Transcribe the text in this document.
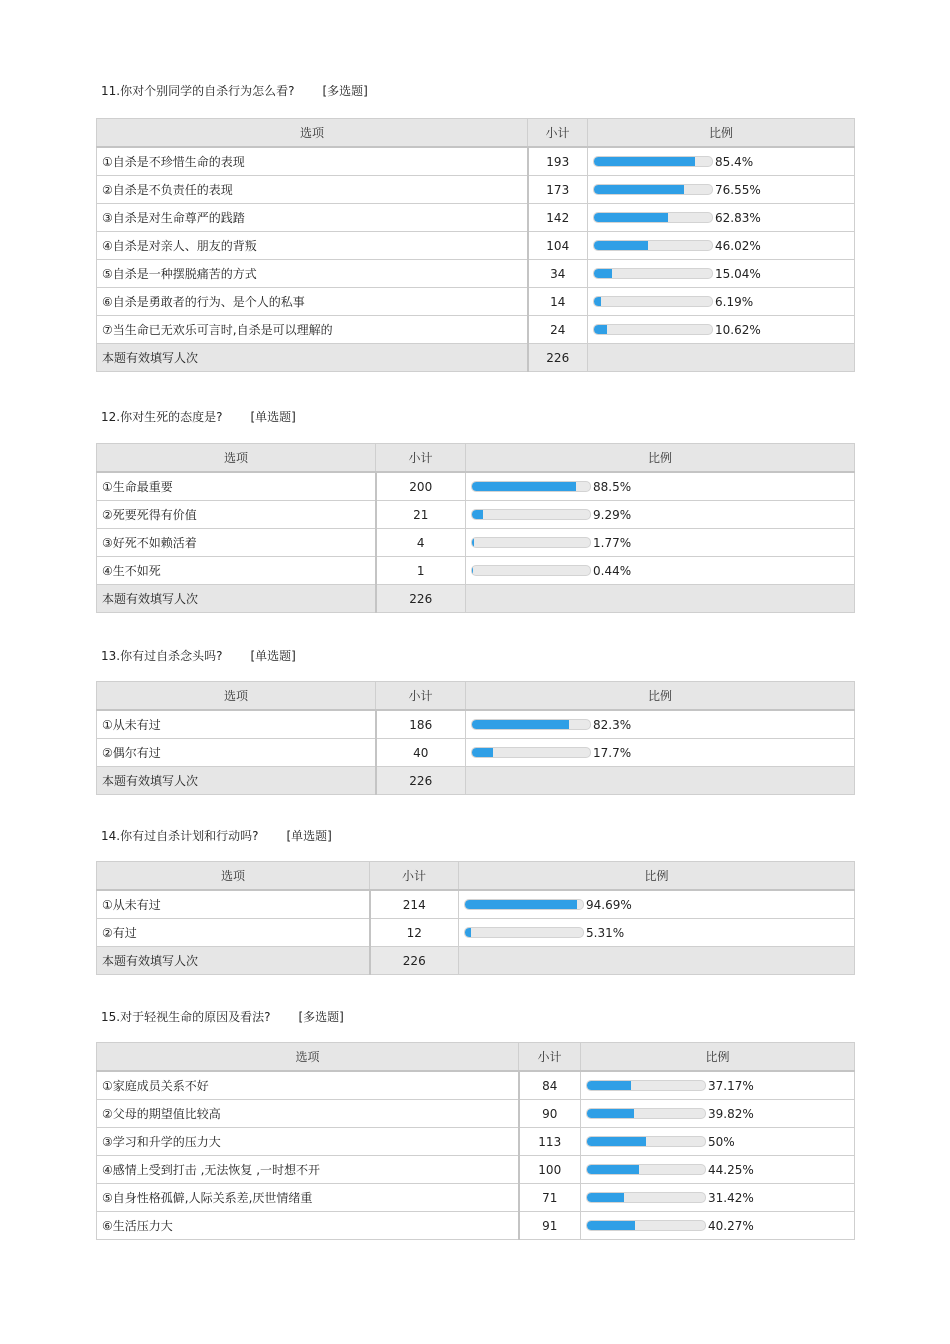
11.你对个别同学的自杀行为怎么看? [多选题]
选项	小计	比例
①自杀是不珍惜生命的表现	193	85.4%

②自杀是不负责任的表现	173	76.55%

③自杀是对生命尊严的践踏	142	62.83%

④自杀是对亲人、朋友的背叛	104	46.02%

⑤自杀是一种摆脱痛苦的方式	34	15.04%

⑥自杀是勇敢者的行为、是个人的私事	14	6.19%

⑦当生命已无欢乐可言时,自杀是可以理解的	24	10.62%

本题有效填写人次	226	
12.你对生死的态度是? [单选题]
选项	小计	比例
①生命最重要	200	88.5%

②死要死得有价值	21	9.29%

③好死不如赖活着	4	1.77%

④生不如死	1	0.44%

本题有效填写人次	226	
13.你有过自杀念头吗? [单选题]
选项	小计	比例
①从未有过	186	82.3%

②偶尔有过	40	17.7%

本题有效填写人次	226	
14.你有过自杀计划和行动吗? [单选题]
选项	小计	比例
①从未有过	214	94.69%

②有过	12	5.31%

本题有效填写人次	226	
15.对于轻视生命的原因及看法? [多选题]
选项	小计	比例
①家庭成员关系不好	84	37.17%

②父母的期望值比较高	90	39.82%

③学习和升学的压力大	113	50%

④感情上受到打击 ,无法恢复 ,一时想不开	100	44.25%

⑤自身性格孤僻,人际关系差,厌世情绪重	71	31.42%

⑥生活压力大	91	40.27%
